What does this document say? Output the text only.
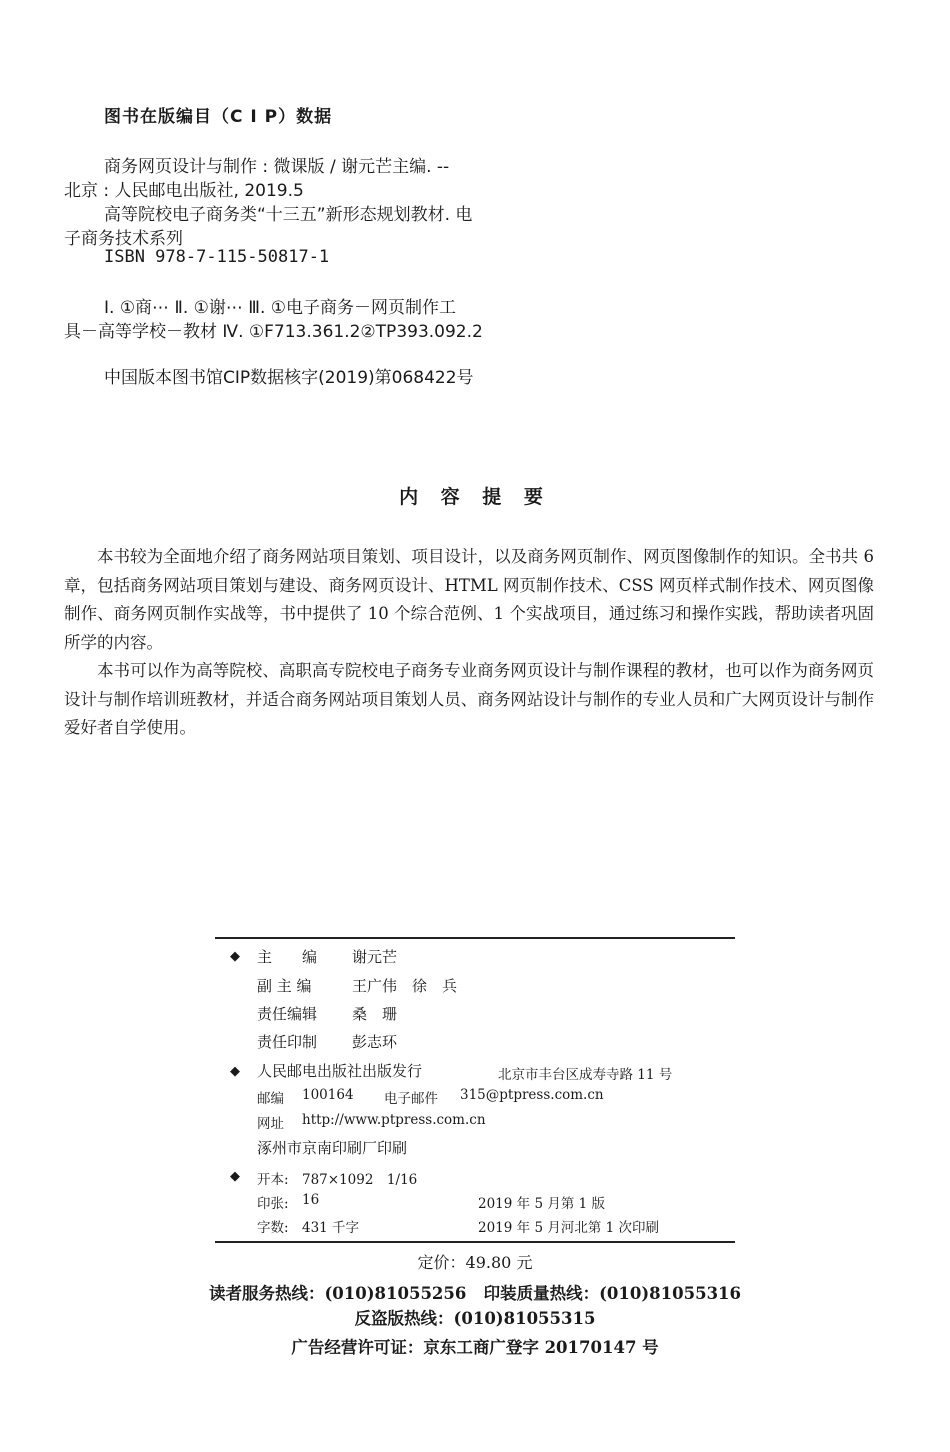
图书在版编目（C I P）数据
商务网页设计与制作 : 微课版 / 谢元芒主编. --
北京 : 人民邮电出版社, 2019.5
高等院校电子商务类“十三五”新形态规划教材. 电
子商务技术系列
ISBN 978-7-115-50817-1
Ⅰ. ①商⋯ Ⅱ. ①谢⋯ Ⅲ. ①电子商务－网页制作工
具－高等学校－教材 Ⅳ. ①F713.361.2②TP393.092.2
中国版本图书馆CIP数据核字(2019)第068422号
内 容 提 要

本书较为全面地介绍了商务网站项目策划、项目设计，以及商务网页制作、网页图像制作的知识。全书共 6 章，包括商务网站项目策划与建设、商务网页设计、HTML 网页制作技术、CSS 网页样式制作技术、网页图像制作、商务网页制作实战等，书中提供了 10 个综合范例、1 个实战项目，通过练习和操作实践，帮助读者巩固所学的内容。

本书可以作为高等院校、高职高专院校电子商务专业商务网页设计与制作课程的教材，也可以作为商务网页设计与制作培训班教材，并适合商务网站项目策划人员、商务网站设计与制作的专业人员和广大网页设计与制作爱好者自学使用。

◆ 主　　编 谢元芒
副 主 编	王广伟　徐　兵
责任编辑 桑　珊
责任印制 彭志环
◆ 人民邮电出版社出版发行	北京市丰台区成寿寺路 11 号
邮编 100164 电子邮件 315@ptpress.com.cn
网址 http://www.ptpress.com.cn
涿州市京南印刷厂印刷
◆ 开本: 787×1092　1/16
印张: 16	2019 年 5 月第 1 版
字数: 431 千字	2019 年 5 月河北第 1 次印刷
定价：49.80 元
读者服务热线：(010)81055256 印装质量热线：(010)81055316
反盗版热线：(010)81055315
广告经营许可证：京东工商广登字 20170147 号
